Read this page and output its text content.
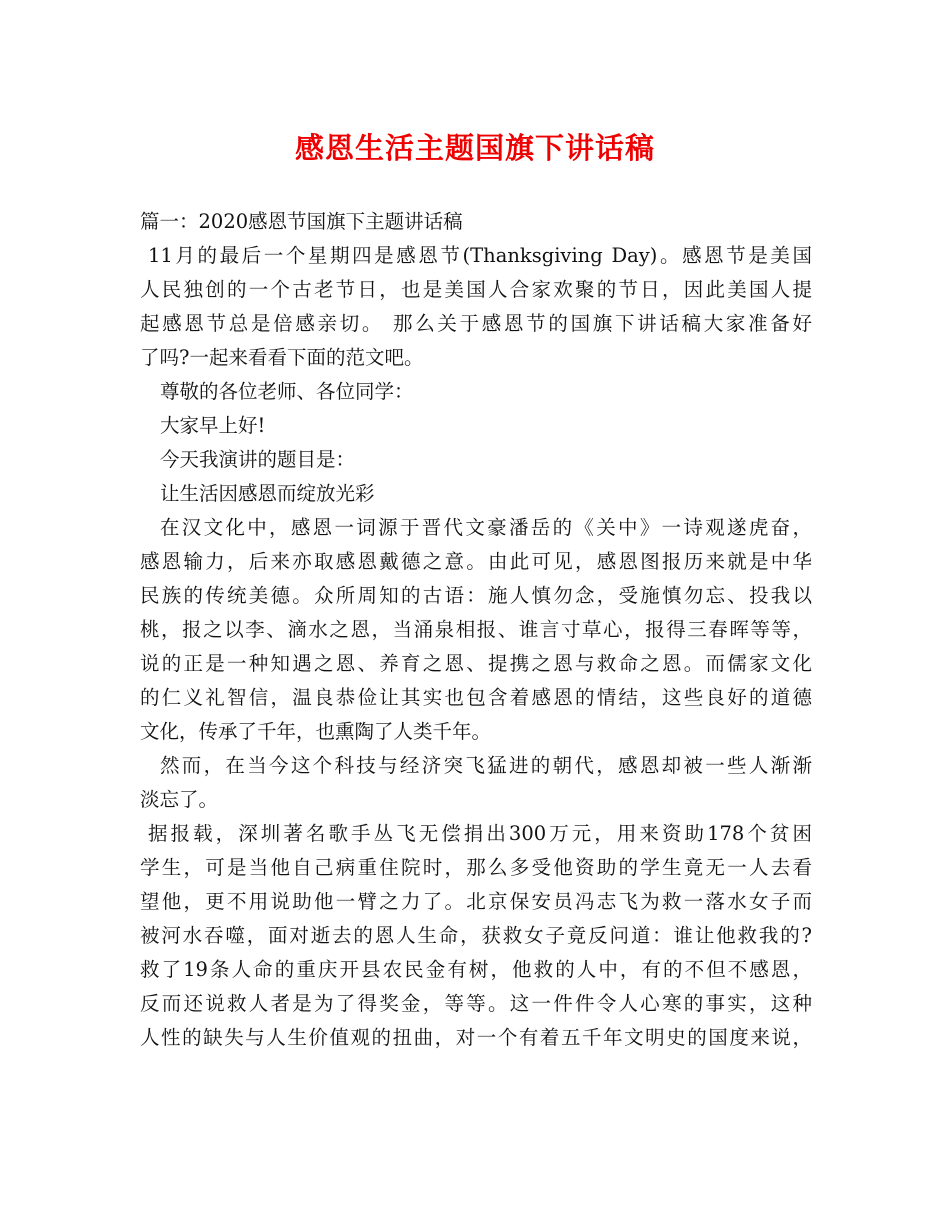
感恩生活主题国旗下讲话稿
篇一：2020感恩节国旗下主题讲话稿
11月的最后一个星期四是感恩节(Thanksgiving Day)。感恩节是美国
人民独创的一个古老节日，也是美国人合家欢聚的节日，因此美国人提
起感恩节总是倍感亲切。 那么关于感恩节的国旗下讲话稿大家准备好
了吗?一起来看看下面的范文吧。
尊敬的各位老师、各位同学：
大家早上好!
今天我演讲的题目是：
让生活因感恩而绽放光彩
在汉文化中，感恩一词源于晋代文豪潘岳的《关中》一诗观遂虎奋，
感恩输力，后来亦取感恩戴德之意。由此可见，感恩图报历来就是中华
民族的传统美德。众所周知的古语：施人慎勿念，受施慎勿忘、投我以
桃，报之以李、滴水之恩，当涌泉相报、谁言寸草心，报得三春晖等等，
说的正是一种知遇之恩、养育之恩、提携之恩与救命之恩。而儒家文化
的仁义礼智信，温良恭俭让其实也包含着感恩的情结，这些良好的道德
文化，传承了千年，也熏陶了人类千年。
然而，在当今这个科技与经济突飞猛进的朝代，感恩却被一些人渐渐
淡忘了。
据报载，深圳著名歌手丛飞无偿捐出300万元，用来资助178个贫困
学生，可是当他自己病重住院时，那么多受他资助的学生竟无一人去看
望他，更不用说助他一臂之力了。北京保安员冯志飞为救一落水女子而
被河水吞噬，面对逝去的恩人生命，获救女子竟反问道：谁让他救我的?
救了19条人命的重庆开县农民金有树，他救的人中，有的不但不感恩，
反而还说救人者是为了得奖金，等等。这一件件令人心寒的事实，这种
人性的缺失与人生价值观的扭曲，对一个有着五千年文明史的国度来说，
